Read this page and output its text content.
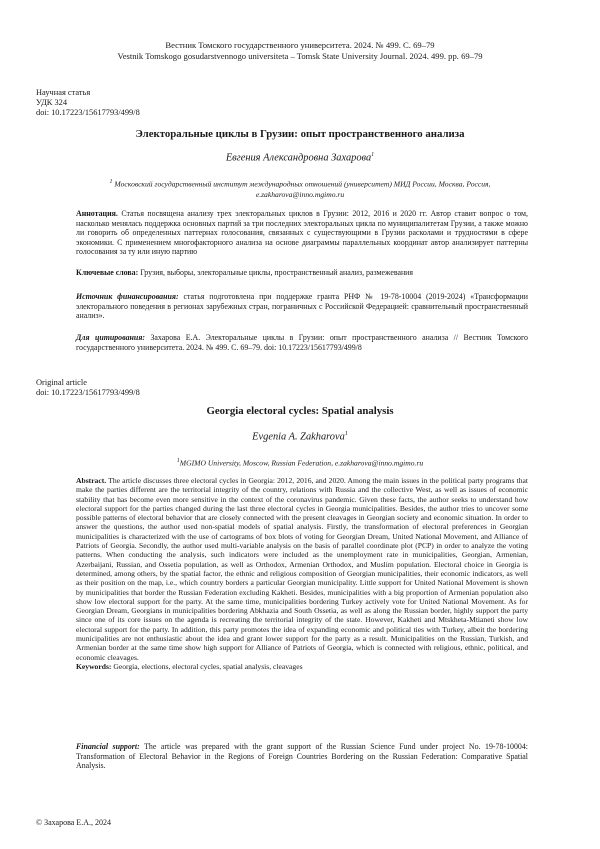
Вестник Томского государственного университета. 2024. № 499. С. 69–79
Vestnik Tomskogo gosudarstvennogo universiteta – Tomsk State University Journal. 2024. 499. pp. 69–79
Научная статья
УДК 324
doi: 10.17223/15617793/499/8
Электоральные циклы в Грузии: опыт пространственного анализа
Евгения Александровна Захарова$^1$
$^1$ Московский государственный институт международных отношений (университет) МИД России, Москва, Россия,
e.zakharova@inno.mgimo.ru
Аннотация. Статья посвящена анализу трех электоральных циклов в Грузии: 2012, 2016 и 2020 гг. Автор ставит вопрос о том, насколько менялась поддержка основных партий за три последних электоральных цикла по муниципалитетам Грузии, а также можно ли говорить об определенных паттернах голосования, связанных с существующими в Грузии расколами и трудностями в сфере экономики. С применением многофакторного анализа на основе диаграммы параллельных координат автор анализирует паттерны голосования за ту или иную партию
Ключевые слова: Грузия, выборы, электоральные циклы, пространственный анализ, размежевания
Источник финансирования: статья подготовлена при поддержке гранта РНФ № 19-78-10004 (2019-2024) «Трансформации электорального поведения в регионах зарубежных стран, пограничных с Российской Федерацией: сравнительный пространственный анализ».
Для цитирования: Захарова Е.А. Электоральные циклы в Грузии: опыт пространственного анализа // Вестник Томского государственного университета. 2024. № 499. С. 69–79. doi: 10.17223/15617793/499/8
Original article
doi: 10.17223/15617793/499/8
Georgia electoral cycles: Spatial analysis
Evgenia A. Zakharova$^1$
$^1$MGIMO University, Moscow, Russian Federation, e.zakharova@inno.mgimo.ru
Abstract. The article discusses three electoral cycles in Georgia: 2012, 2016, and 2020. Among the main issues in the political party programs that make the parties different are the territorial integrity of the country, relations with Russia and the collective West, as well as issues of economic stability that has become even more sensitive in the context of the coronavirus pandemic. Given these facts, the author seeks to understand how electoral support for the parties changed during the last three electoral cycles in Georgia municipalities. Besides, the author tries to uncover some possible patterns of electoral behavior that are closely connected with the present cleavages in Georgian society and economic situation. In order to answer the questions, the author used non-spatial models of spatial analysis. Firstly, the transformation of electoral preferences in Georgian municipalities is characterized with the use of cartograms of box blots of voting for Georgian Dream, United National Movement, and Alliance of Patriots of Georgia. Secondly, the author used multi-variable analysis on the basis of parallel coordinate plot (PCP) in order to analyze the voting patterns. When conducting the analysis, such indicators were included as the unemployment rate in municipalities, Georgian, Armenian, Azerbaijani, Russian, and Ossetia population, as well as Orthodox, Armenian Orthodox, and Muslim population. Electoral choice in Georgia is determined, among others, by the spatial factor, the ethnic and religious composition of Georgian municipalities, their economic indicators, as well as their position on the map, i.e., which country borders a particular Georgian municipality. Little support for United National Movement is shown by municipalities that border the Russian Federation excluding Kakheti. Besides, municipalities with a big proportion of Armenian population also show low electoral support for the party. At the same time, municipalities bordering Turkey actively vote for United National Movement. As for Georgian Dream, Georgians in municipalities bordering Abkhazia and South Ossetia, as well as along the Russian border, highly support the party since one of its core issues on the agenda is recreating the territorial integrity of the state. However, Kakheti and Mtskheta-Mtianeti show low electoral support for the party. In addition, this party promotes the idea of expanding economic and political ties with Turkey, albeit the bordering municipalities are not enthusiastic about the idea and grant lower support for the party as a result. Municipalities on the Russian, Turkish, and Armenian border at the same time show high support for Alliance of Patriots of Georgia, which is connected with religious, ethnic, political, and economic cleavages.
Keywords: Georgia, elections, electoral cycles, spatial analysis, cleavages
Financial support: The article was prepared with the grant support of the Russian Science Fund under project No. 19-78-10004: Transformation of Electoral Behavior in the Regions of Foreign Countries Bordering on the Russian Federation: Comparative Spatial Analysis.
© Захарова Е.А., 2024
